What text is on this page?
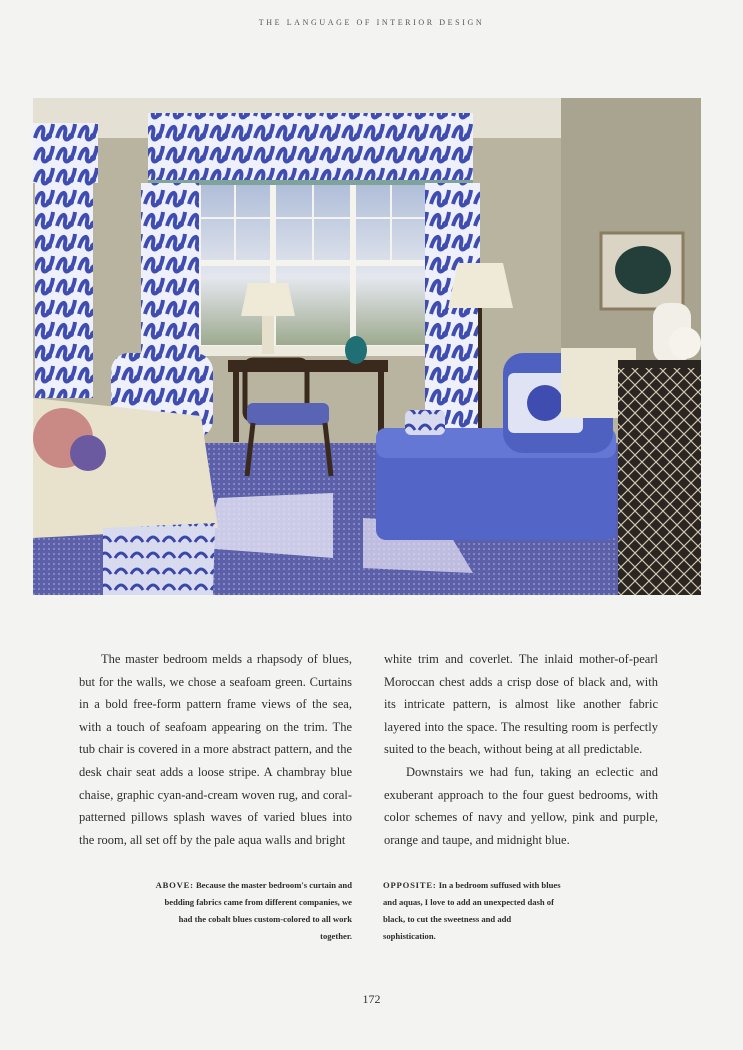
THE LANGUAGE OF INTERIOR DESIGN

The master bedroom melds a rhapsody of blues, but for the walls, we chose a seafoam green. Curtains in a bold free-form pattern frame views of the sea, with a touch of seafoam appearing on the trim. The tub chair is covered in a more abstract pattern, and the desk chair seat adds a loose stripe. A chambray blue chaise, graphic cyan-and-cream woven rug, and coral-patterned pillows splash waves of varied blues into the room, all set off by the pale aqua walls and bright

white trim and coverlet. The inlaid mother-of-pearl Moroccan chest adds a crisp dose of black and, with its intricate pattern, is almost like another fabric layered into the space. The resulting room is perfectly suited to the beach, without being at all predictable.

Downstairs we had fun, taking an eclectic and exuberant approach to the four guest bedrooms, with color schemes of navy and yellow, pink and purple, orange and taupe, and midnight blue.

ABOVE: Because the master bedroom's curtain and bedding fabrics came from different companies, we had the cobalt blues custom-colored to all work together.
OPPOSITE: In a bedroom suffused with blues and aquas, I love to add an unexpected dash of black, to cut the sweetness and add sophistication.
172
